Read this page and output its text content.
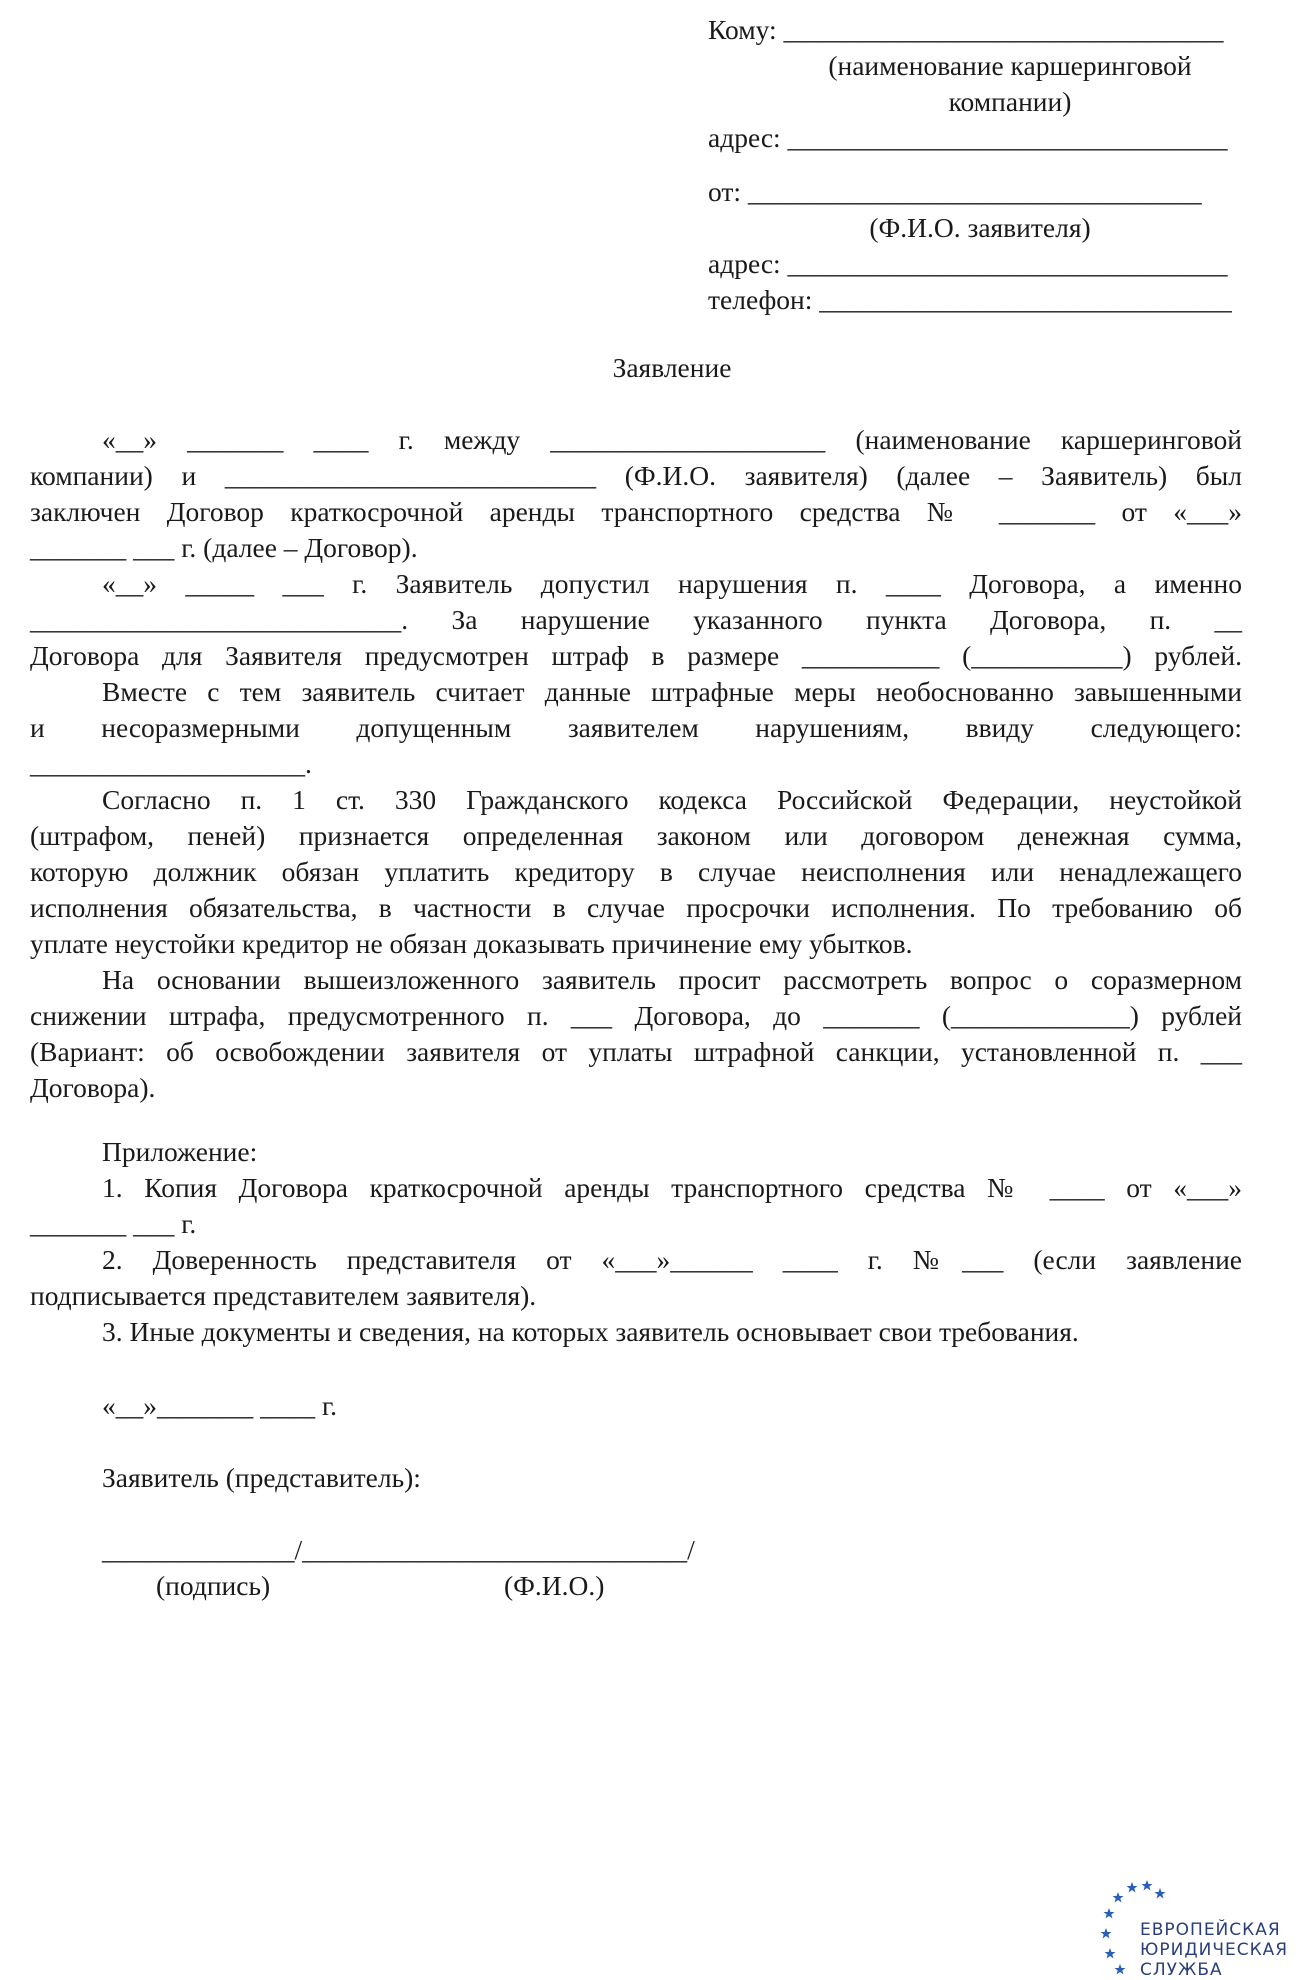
Кому: ________________________________
(наименование каршеринговой
компании)
адрес: ________________________________
от: _________________________________
(Ф.И.О. заявителя)
адрес: ________________________________
телефон: ______________________________
Заявление
«__» _______ ____ г. между ____________________ (наименование каршеринговой
компании) и ___________________________ (Ф.И.О. заявителя) (далее – Заявитель) был
заключен Договор краткосрочной аренды транспортного средства № _______ от «___»
_______ ___ г. (далее – Договор).
«__» _____ ___ г. Заявитель допустил нарушения п. ____ Договора, а именно
___________________________. За нарушение указанного пункта Договора, п. __
Договора для Заявителя предусмотрен штраф в размере __________ (___________) рублей.
Вместе с тем заявитель считает данные штрафные меры необоснованно завышенными
и несоразмерными допущенным заявителем нарушениям, ввиду следующего:
____________________.
Согласно п. 1 ст. 330 Гражданского кодекса Российской Федерации, неустойкой
(штрафом, пеней) признается определенная законом или договором денежная сумма,
которую должник обязан уплатить кредитору в случае неисполнения или ненадлежащего
исполнения обязательства, в частности в случае просрочки исполнения. По требованию об
уплате неустойки кредитор не обязан доказывать причинение ему убытков.
На основании вышеизложенного заявитель просит рассмотреть вопрос о соразмерном
снижении штрафа, предусмотренного п. ___ Договора, до _______ (_____________) рублей
(Вариант: об освобождении заявителя от уплаты штрафной санкции, установленной п. ___
Договора).
Приложение:
1. Копия Договора краткосрочной аренды транспортного средства № ____ от «___»
_______ ___ г.
2. Доверенность представителя от «___»______ ____ г. №___ (если заявление
подписывается представителем заявителя).
3. Иные документы и сведения, на которых заявитель основывает свои требования.
«__»_______ ____ г.
Заявитель (представитель):
______________/____________________________/
(подпись)	(Ф.И.О.)
ЕВРОПЕЙСКАЯ
ЮРИДИЧЕСКАЯ
СЛУЖБА
